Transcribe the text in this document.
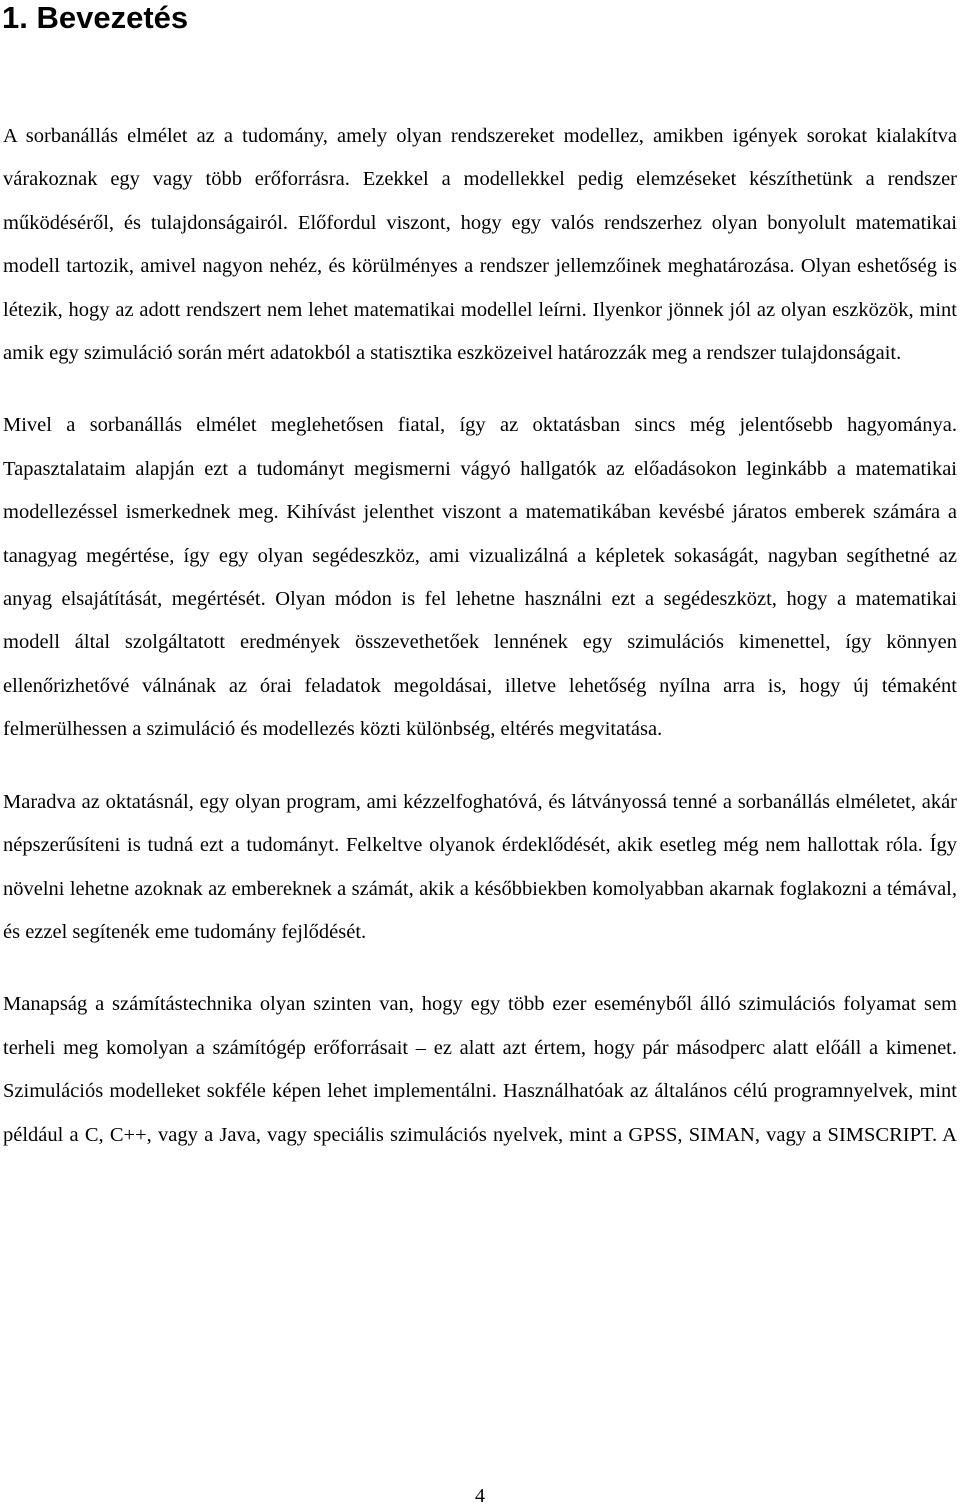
1. Bevezetés

A sorbanállás elmélet az a tudomány, amely olyan rendszereket modellez, amikben igények sorokat kialakítva várakoznak egy vagy több erőforrásra. Ezekkel a modellekkel pedig elemzéseket készíthetünk a rendszer működéséről, és tulajdonságairól. Előfordul viszont, hogy egy valós rendszerhez olyan bonyolult matematikai modell tartozik, amivel nagyon nehéz, és körülményes a rendszer jellemzőinek meghatározása. Olyan eshetőség is létezik, hogy az adott rendszert nem lehet matematikai modellel leírni. Ilyenkor jönnek jól az olyan eszközök, mint amik egy szimuláció során mért adatokból a statisztika eszközeivel határozzák meg a rendszer tulajdonságait.

Mivel a sorbanállás elmélet meglehetősen fiatal, így az oktatásban sincs még jelentősebb hagyománya. Tapasztalataim alapján ezt a tudományt megismerni vágyó hallgatók az előadásokon leginkább a matematikai modellezéssel ismerkednek meg. Kihívást jelenthet viszont a matematikában kevésbé járatos emberek számára a tanagyag megértése, így egy olyan segédeszköz, ami vizualizálná a képletek sokaságát, nagyban segíthetné az anyag elsajátítását, megértését. Olyan módon is fel lehetne használni ezt a segédeszközt, hogy a matematikai modell által szolgáltatott eredmények összevethetőek lennének egy szimulációs kimenettel, így könnyen ellenőrizhetővé válnának az órai feladatok megoldásai, illetve lehetőség nyílna arra is, hogy új témaként felmerülhessen a szimuláció és modellezés közti különbség, eltérés megvitatása.

Maradva az oktatásnál, egy olyan program, ami kézzelfoghatóvá, és látványossá tenné a sorbanállás elméletet, akár népszerűsíteni is tudná ezt a tudományt. Felkeltve olyanok érdeklődését, akik esetleg még nem hallottak róla. Így növelni lehetne azoknak az embereknek a számát, akik a későbbiekben komolyabban akarnak foglakozni a témával, és ezzel segítenék eme tudomány fejlődését.

Manapság a számítástechnika olyan szinten van, hogy egy több ezer eseményből álló szimulációs folyamat sem terheli meg komolyan a számítógép erőforrásait – ez alatt azt értem, hogy pár másodperc alatt előáll a kimenet. Szimulációs modelleket sokféle képen lehet implementálni. Használhatóak az általános célú programnyelvek, mint például a C, C++, vagy a Java, vagy speciális szimulációs nyelvek, mint a GPSS, SIMAN, vagy a SIMSCRIPT. A

4
